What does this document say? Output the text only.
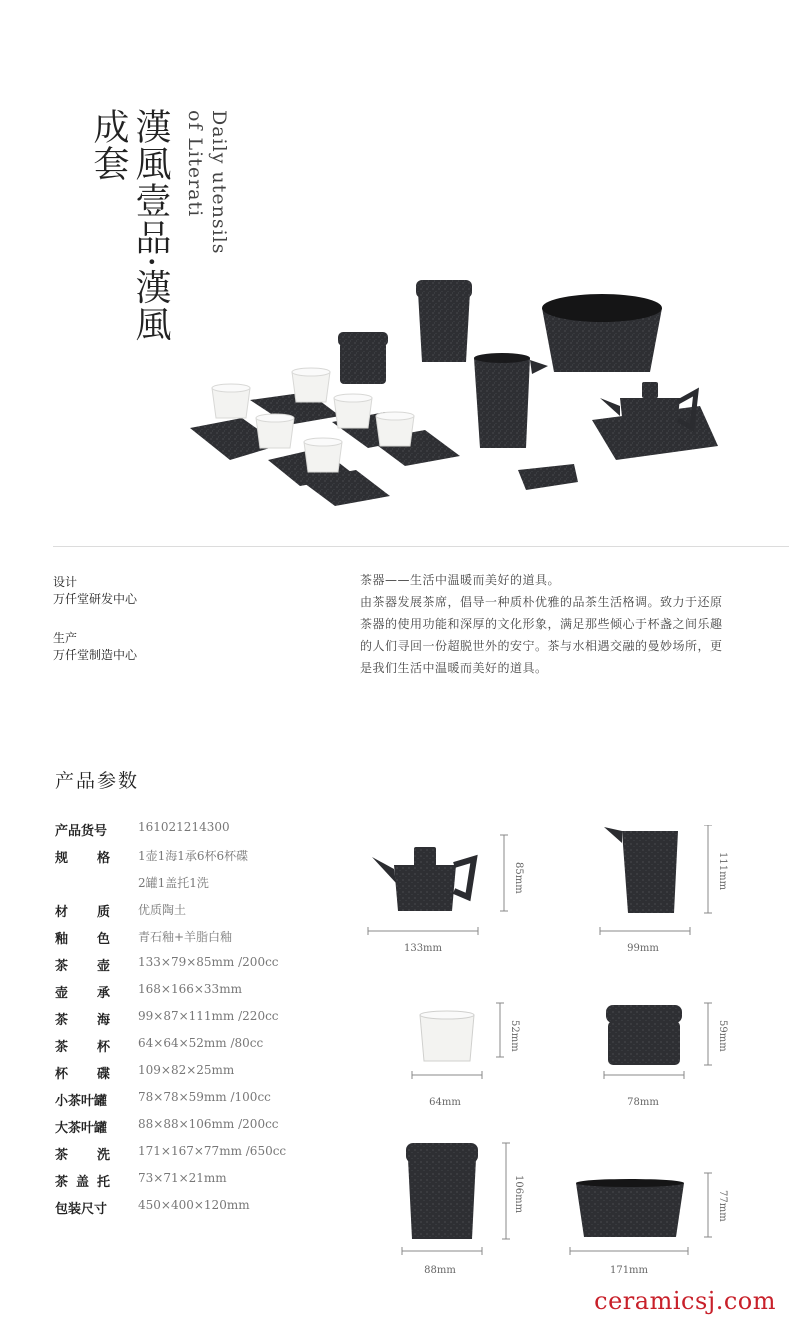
成套 漢風壹品·漢風 Daily utensils
of Literati
设计
万仟堂研发中心
生产
万仟堂制造中心

茶器——生活中温暖而美好的道具。

由茶器发展茶席，倡导一种质朴优雅的品茶生活格调。致力于还原

茶器的使用功能和深厚的文化形象，满足那些倾心于杯盏之间乐趣

的人们寻回一份超脱世外的安宁。茶与水相遇交融的曼妙场所，更

是我们生活中温暖而美好的道具。

产品参数
产品货号	161021214300
规 格 1壶1海1承6杯6杯碟
2罐1盖托1洗
材 质 优质陶土
釉 色 青石釉+羊脂白釉
茶 壶 133×79×85mm /200cc
壶 承 168×166×33mm
茶 海 99×87×111mm /220cc
茶 杯 64×64×52mm /80cc
杯 碟 109×82×25mm
小茶叶罐	78×78×59mm /100cc
大茶叶罐	88×88×106mm /200cc
茶 洗 171×167×77mm /650cc
茶 盖 托 73×71×21mm
包装尺寸	450×400×120mm
133mm
85mm
99mm
111mm
64mm
52mm
78mm
59mm
88mm
106mm
171mm
77mm
ceramicsj.com
